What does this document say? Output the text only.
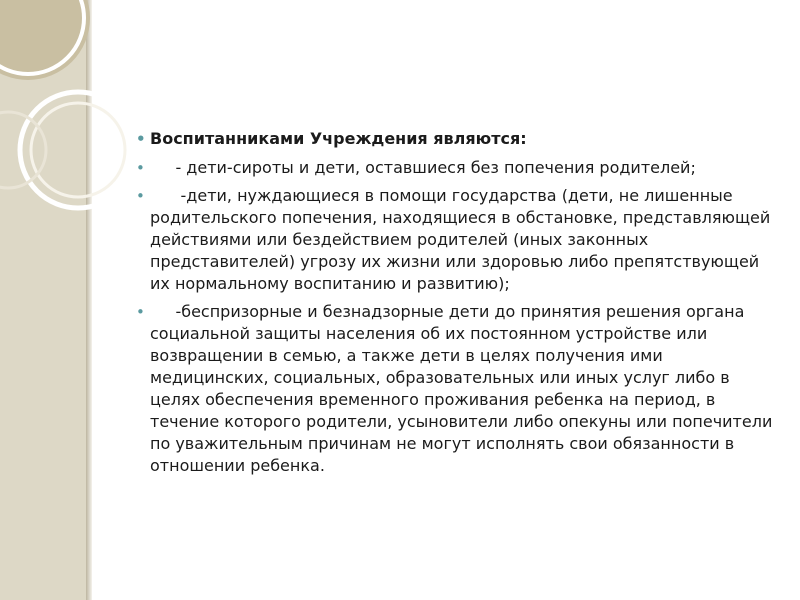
• Воспитанниками Учреждения являются:
• - дети-сироты и дети, оставшиеся без попечения родителей;
• -дети, нуждающиеся в помощи государства (дети, не лишенные родительского попечения, находящиеся в обстановке, представляющей действиями или бездействием родителей (иных законных представителей) угрозу их жизни или здоровью либо препятствующей их нормальному воспитанию и развитию);
• -беспризорные и безнадзорные дети до принятия решения органа социальной защиты населения об их постоянном устройстве или возвращении в семью, а также дети в целях получения ими медицинских, социальных, образовательных или иных услуг либо в целях обеспечения временного проживания ребенка на период, в течение которого родители, усыновители либо опекуны или попечители по уважительным причинам не могут исполнять свои обязанности в отношении ребенка.
